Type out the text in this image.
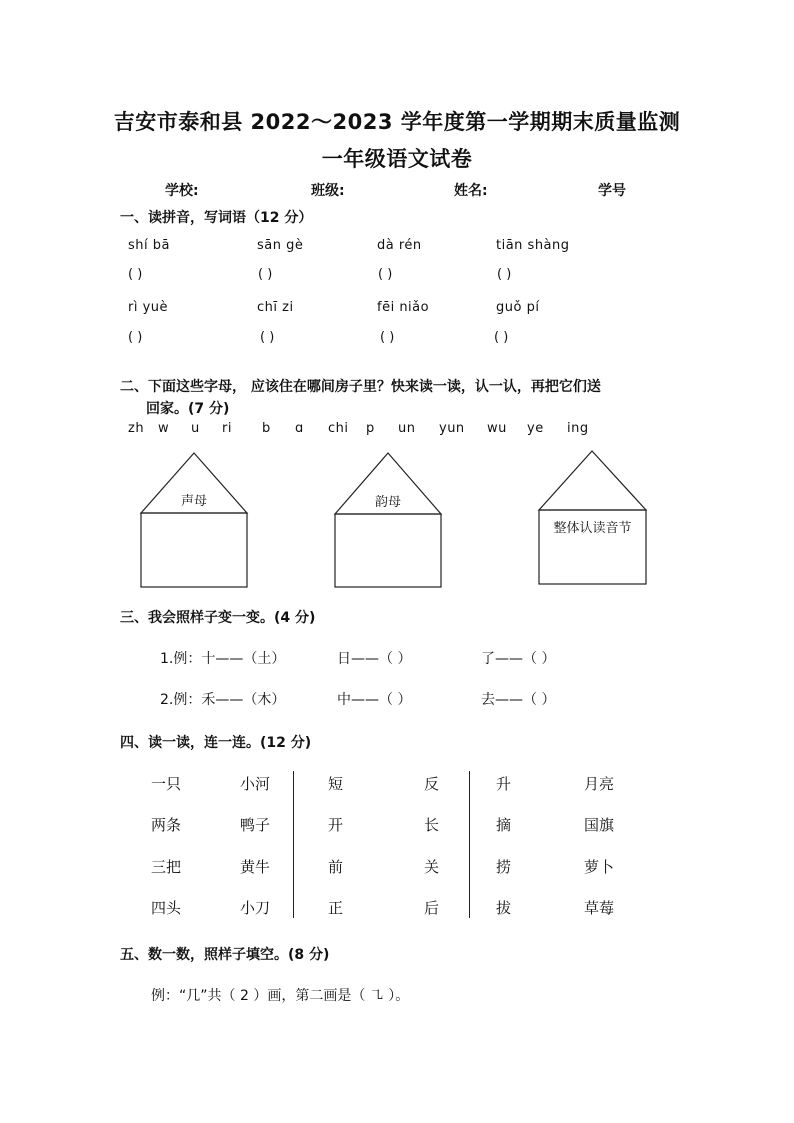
吉安市泰和县 2022～2023 学年度第一学期期末质量监测
一年级语文试卷
学校:	班级:	姓名:	学号
一、读拼音，写词语（12 分）
shí bā	sān gè	dà rén	tiān shàng
( )	( )	( )	( )
rì yuè	chī zi	fēi niǎo	guǒ pí
( )	( )	( )	( )
二、下面这些字母， 应该住在哪间房子里？快来读一读，认一认，再把它们送
回家。(7 分)
zh w u ri b ɑ chi p un yun wu ye ing
声母	韵母
整体认读音节
三、我会照样子变一变。(4 分)
1.例：十——（土）	日——（ ）	了——（ ）
2.例：禾——（木）	中——（ ）	去——（ ）
四、读一读，连一连。(12 分)
一只	小河	短	反	升	月亮
两条	鸭子	开	长	摘	国旗
三把	黄牛	前	关	捞	萝卜
四头	小刀	正	后	拔	草莓
五、数一数，照样子填空。(8 分)
例：“几”共（ 2 ）画，第二画是（ ㇈ ）。
